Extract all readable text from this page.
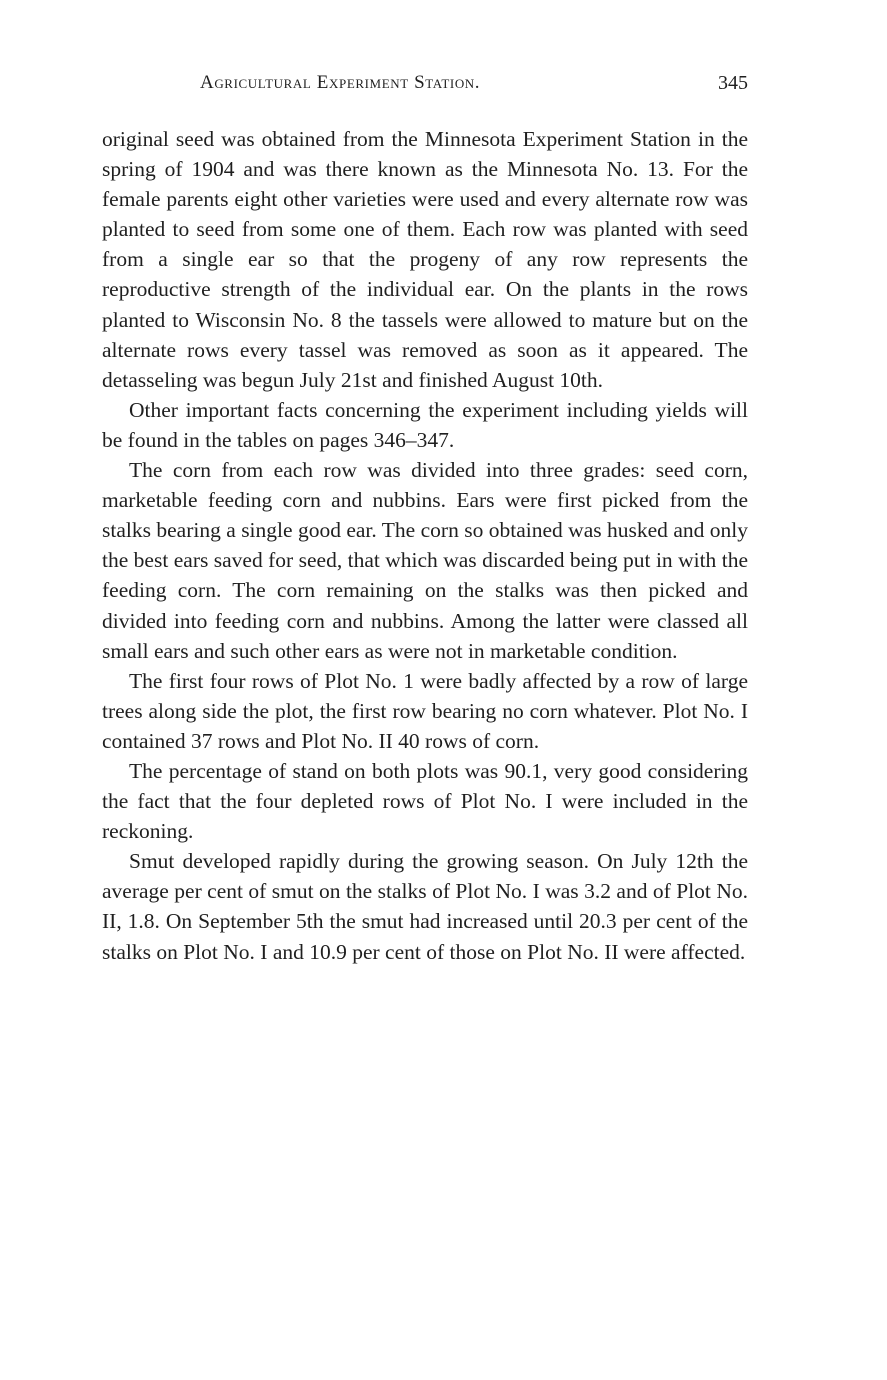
Agricultural Experiment Station.	345

original seed was obtained from the Minnesota Experiment Station in the spring of 1904 and was there known as the Minnesota No. 13. For the female parents eight other varieties were used and every alternate row was planted to seed from some one of them. Each row was planted with seed from a single ear so that the progeny of any row represents the reproductive strength of the individual ear. On the plants in the rows planted to Wisconsin No. 8 the tassels were allowed to mature but on the alternate rows every tassel was removed as soon as it appeared. The detasseling was begun July 21st and finished August 10th.

Other important facts concerning the experiment including yields will be found in the tables on pages 346–347.

The corn from each row was divided into three grades: seed corn, marketable feeding corn and nubbins. Ears were first picked from the stalks bearing a single good ear. The corn so obtained was husked and only the best ears saved for seed, that which was discarded being put in with the feeding corn. The corn remaining on the stalks was then picked and divided into feeding corn and nubbins. Among the latter were classed all small ears and such other ears as were not in marketable condition.

The first four rows of Plot No. 1 were badly affected by a row of large trees along side the plot, the first row bearing no corn whatever. Plot No. I contained 37 rows and Plot No. II 40 rows of corn.

The percentage of stand on both plots was 90.1, very good considering the fact that the four depleted rows of Plot No. I were included in the reckoning.

Smut developed rapidly during the growing season. On July 12th the average per cent of smut on the stalks of Plot No. I was 3.2 and of Plot No. II, 1.8. On September 5th the smut had increased until 20.3 per cent of the stalks on Plot No. I and 10.9 per cent of those on Plot No. II were affected.
